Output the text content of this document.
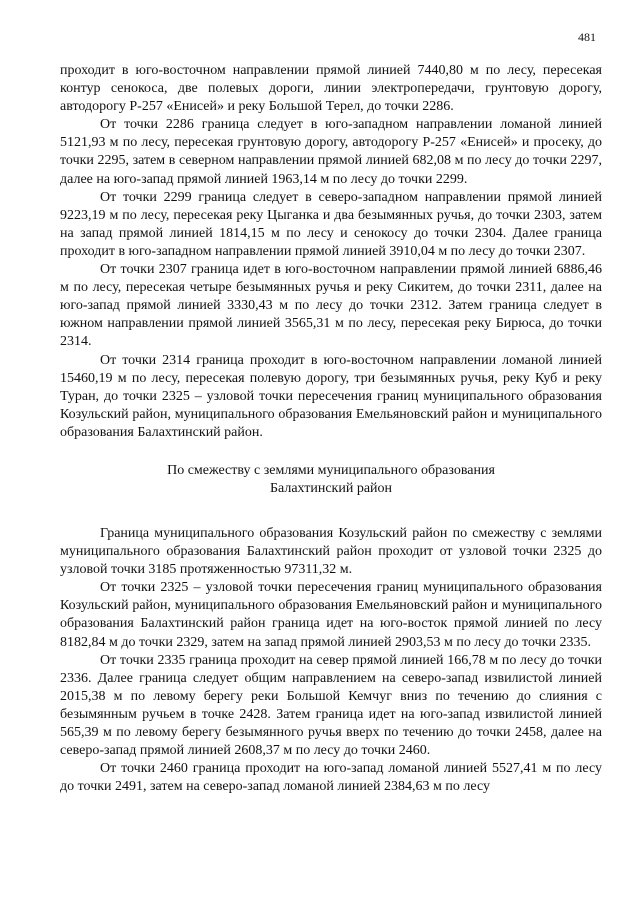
481

проходит в юго-восточном направлении прямой линией 7440,80 м по лесу, пересекая контур сенокоса, две полевых дороги, линии электропередачи, грунтовую дорогу, автодорогу Р-257 «Енисей» и реку Большой Терел, до точки 2286.

От точки 2286 граница следует в юго-западном направлении ломаной линией 5121,93 м по лесу, пересекая грунтовую дорогу, автодорогу Р-257 «Енисей» и просеку, до точки 2295, затем в северном направлении прямой линией 682,08 м по лесу до точки 2297, далее на юго-запад прямой линией 1963,14 м по лесу до точки 2299.

От точки 2299 граница следует в северо-западном направлении прямой линией 9223,19 м по лесу, пересекая реку Цыганка и два безымянных ручья, до точки 2303, затем на запад прямой линией 1814,15 м по лесу и сенокосу до точки 2304. Далее граница проходит в юго-западном направлении прямой линией 3910,04 м по лесу до точки 2307.

От точки 2307 граница идет в юго-восточном направлении прямой линией 6886,46 м по лесу, пересекая четыре безымянных ручья и реку Сикитем, до точки 2311, далее на юго-запад прямой линией 3330,43 м по лесу до точки 2312. Затем граница следует в южном направлении прямой линией 3565,31 м по лесу, пересекая реку Бирюса, до точки 2314.

От точки 2314 граница проходит в юго-восточном направлении ломаной линией 15460,19 м по лесу, пересекая полевую дорогу, три безымянных ручья, реку Куб и реку Туран, до точки 2325 – узловой точки пересечения границ муниципального образования Козульский район, муниципального образования Емельяновский район и муниципального образования Балахтинский район.

По смежеству с землями муниципального образования
Балахтинский район

Граница муниципального образования Козульский район по смежеству с землями муниципального образования Балахтинский район проходит от узловой точки 2325 до узловой точки 3185 протяженностью 97311,32 м.

От точки 2325 – узловой точки пересечения границ муниципального образования Козульский район, муниципального образования Емельяновский район и муниципального образования Балахтинский район граница идет на юго-восток прямой линией по лесу 8182,84 м до точки 2329, затем на запад прямой линией 2903,53 м по лесу до точки 2335.

От точки 2335 граница проходит на север прямой линией 166,78 м по лесу до точки 2336. Далее граница следует общим направлением на северо-запад извилистой линией 2015,38 м по левому берегу реки Большой Кемчуг вниз по течению до слияния с безымянным ручьем в точке 2428. Затем граница идет на юго-запад извилистой линией 565,39 м по левому берегу безымянного ручья вверх по течению до точки 2458, далее на северо-запад прямой линией 2608,37 м по лесу до точки 2460.

От точки 2460 граница проходит на юго-запад ломаной линией 5527,41 м по лесу до точки 2491, затем на северо-запад ломаной линией 2384,63 м по лесу
